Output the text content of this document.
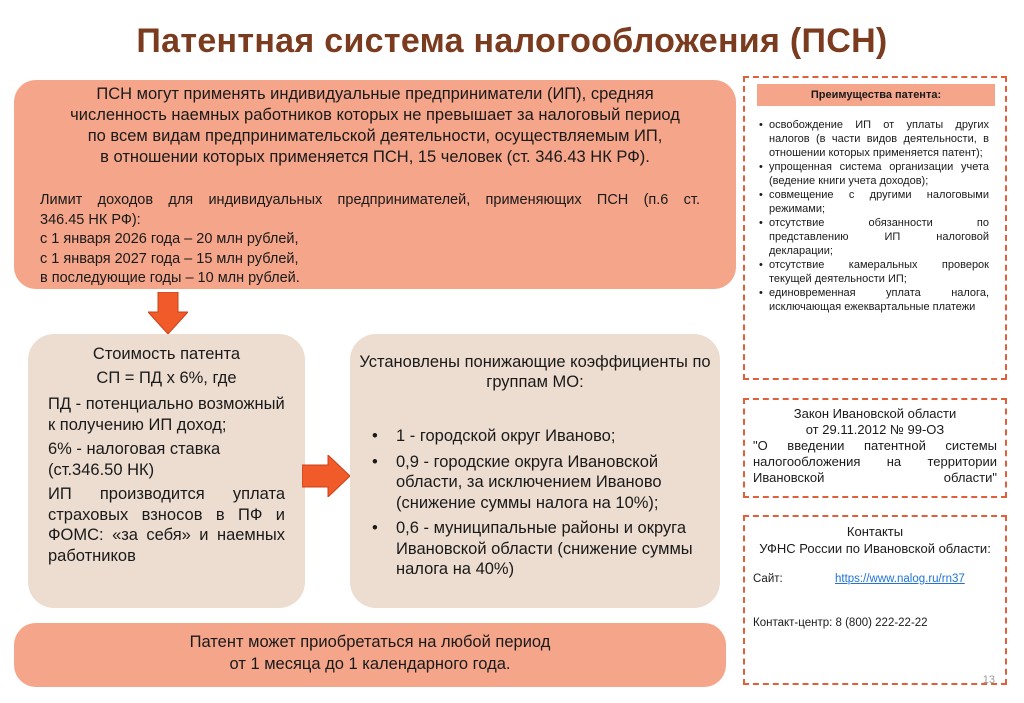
Патентная система налогообложения (ПСН)
ПСН могут применять индивидуальные предприниматели (ИП), средняя
численность наемных работников которых не превышает за налоговый период
по всем видам предпринимательской деятельности, осуществляемым ИП,
в отношении которых применяется ПСН, 15 человек (ст. 346.43 НК РФ).
Лимит доходов для индивидуальных предпринимателей, применяющих ПСН (п.6 ст.
346.45 НК РФ):
с 1 января 2026 года – 20 млн рублей,
с 1 января 2027 года – 15 млн рублей,
в последующие годы – 10 млн рублей.
Стоимость патента
СП = ПД х 6%, где
ПД - потенциально возможный к получению ИП доход;
6% - налоговая ставка (ст.346.50 НК)
ИП производится уплата страховых взносов в ПФ и ФОМС: «за себя» и наемных работников
Установлены понижающие коэффициенты по группам МО:
• 1 - городской округ Иваново;
• 0,9 - городские округа Ивановской области, за исключением Иваново (снижение суммы налога на 10%);
• 0,6 - муниципальные районы и округа Ивановской области (снижение суммы налога на 40%)
Патент может приобретаться на любой период
от 1 месяца до 1 календарного года.
Преимущества патента:
• освобождение ИП от уплаты других налогов (в части видов деятельности, в отношении которых применяется патент);
• упрощенная система организации учета (ведение книги учета доходов);
• совмещение с другими налоговыми режимами;
• отсутствие обязанности по представлению ИП налоговой декларации;
• отсутствие камеральных проверок текущей деятельности ИП;
• единовременная уплата налога, исключающая ежеквартальные платежи
Закон Ивановской области
от 29.11.2012 № 99-ОЗ
"О введении патентной системы налогообложения на территории Ивановской области"
Контакты
УФНС России по Ивановской области:
Сайт:	https://www.nalog.ru/rn37
Контакт-центр: 8 (800) 222-22-22
13
